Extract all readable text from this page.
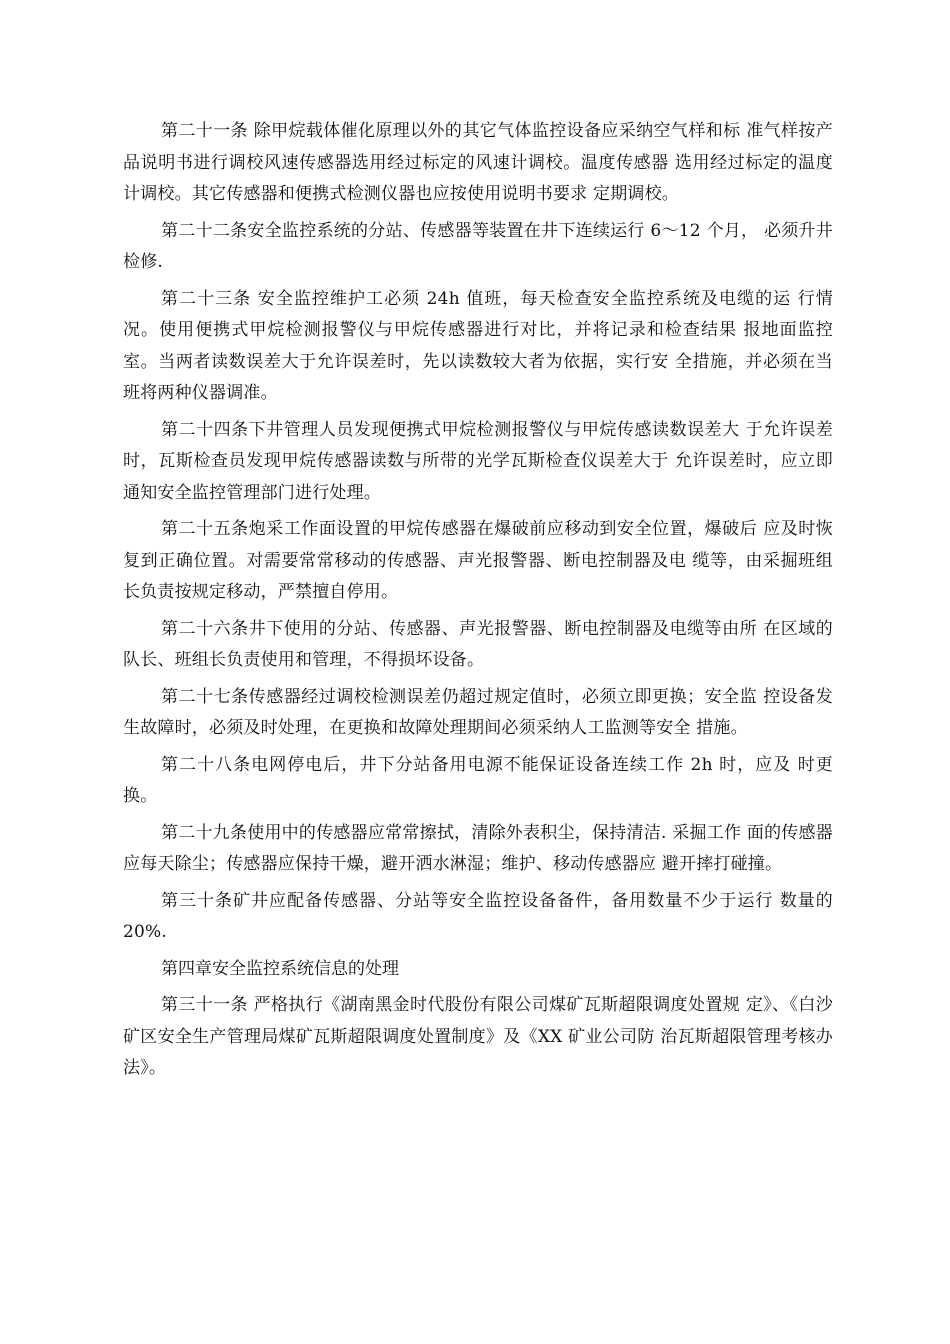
第二十一条 除甲烷载体催化原理以外的其它气体监控设备应采纳空气样和标 准气样按产品说明书进行调校风速传感器选用经过标定的风速计调校。温度传感器 选用经过标定的温度计调校。其它传感器和便携式检测仪器也应按使用说明书要求 定期调校。

第二十二条安全监控系统的分站、传感器等装置在井下连续运行 6〜12 个月， 必须升井检修.

第二十三条 安全监控维护工必须 24h 值班，每天检查安全监控系统及电缆的运 行情况。使用便携式甲烷检测报警仪与甲烷传感器进行对比，并将记录和检查结果 报地面监控室。当两者读数误差大于允许误差时，先以读数较大者为依据，实行安 全措施，并必须在当班将两种仪器调准。

第二十四条下井管理人员发现便携式甲烷检测报警仪与甲烷传感读数误差大 于允许误差时，瓦斯检查员发现甲烷传感器读数与所带的光学瓦斯检查仪误差大于 允许误差时，应立即通知安全监控管理部门进行处理。

第二十五条炮采工作面设置的甲烷传感器在爆破前应移动到安全位置，爆破后 应及时恢复到正确位置。对需要常常移动的传感器、声光报警器、断电控制器及电 缆等，由采掘班组长负责按规定移动，严禁擅自停用。

第二十六条井下使用的分站、传感器、声光报警器、断电控制器及电缆等由所 在区域的队长、班组长负责使用和管理，不得损坏设备。

第二十七条传感器经过调校检测误差仍超过规定值时，必须立即更换；安全监 控设备发生故障时，必须及时处理，在更换和故障处理期间必须采纳人工监测等安全 措施。

第二十八条电网停电后，井下分站备用电源不能保证设备连续工作 2h 时，应及 时更换。

第二十九条使用中的传感器应常常擦拭，清除外表积尘，保持清洁. 采掘工作 面的传感器应每天除尘；传感器应保持干燥，避开洒水淋湿；维护、移动传感器应 避开摔打碰撞。

第三十条矿井应配备传感器、分站等安全监控设备备件，备用数量不少于运行 数量的 20%.

第四章安全监控系统信息的处理

第三十一条 严格执行《湖南黑金时代股份有限公司煤矿瓦斯超限调度处置规 定》、《白沙矿区安全生产管理局煤矿瓦斯超限调度处置制度》及《XX 矿业公司防 治瓦斯超限管理考核办法》。
